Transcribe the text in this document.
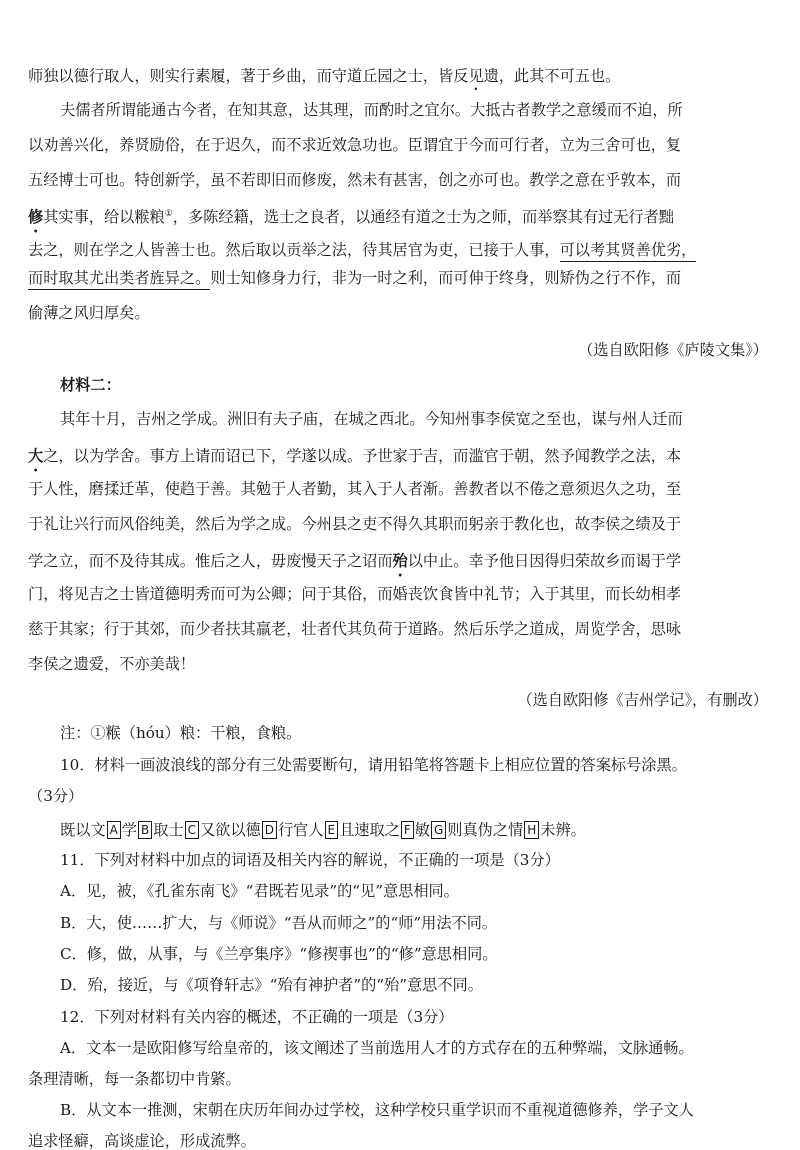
师独以德行取人，则实行素履，著于乡曲，而守道丘园之士，皆反见遗，此其不可五也。
夫儒者所谓能通古今者，在知其意，达其理，而酌时之宜尔。大抵古者教学之意缓而不迫，所
以劝善兴化，养贤励俗，在于迟久，而不求近效急功也。臣谓宜于今而可行者，立为三舍可也，复
五经博士可也。特创新学，虽不若即旧而修废，然未有甚害，创之亦可也。教学之意在乎敦本，而
修其实事，给以糇粮①，多陈经籍，选士之良者，以通经有道之士为之师，而举察其有过无行者黜
去之，则在学之人皆善士也。然后取以贡举之法，待其居官为吏，已接于人事，可以考其贤善优劣，
而时取其尤出类者旌异之。则士知修身力行，非为一时之利，而可伸于终身，则矫伪之行不作，而
偷薄之风归厚矣。
（选自欧阳修《庐陵文集》）
材料二：
其年十月，吉州之学成。洲旧有夫子庙，在城之西北。今知州事李侯宽之至也，谋与州人迁而
大之，以为学舍。事方上请而诏已下，学遂以成。予世家于吉，而滥官于朝，然予闻教学之法，本
于人性，磨揉迁革，使趋于善。其勉于人者勤，其入于人者渐。善教者以不倦之意须迟久之功，至
于礼让兴行而风俗纯美，然后为学之成。今州县之吏不得久其职而躬亲于教化也，故李侯之绩及于
学之立，而不及待其成。惟后之人，毋废慢天子之诏而殆以中止。幸予他日因得归荣故乡而谒于学
门，将见吉之士皆道德明秀而可为公卿；问于其俗，而婚丧饮食皆中礼节；入于其里，而长幼相孝
慈于其家；行于其郊，而少者扶其羸老，壮者代其负荷于道路。然后乐学之道成，周览学舍，思咏
李侯之遗爱，不亦美哉！
（选自欧阳修《吉州学记》，有删改）
注：①糇（hóu）粮：干粮，食粮。
10．材料一画波浪线的部分有三处需要断句，请用铅笔将答题卡上相应位置的答案标号涂黑。
（3分）
既以文 A 学 B 取士 C 又欲以德 D 行官人 E 且速取之 F 敏 G 则真伪之情 H 未辨。
11．下列对材料中加点的词语及相关内容的解说，不正确的一项是（3分）
A．见，被，《孔雀东南飞》“君既若见录”的“见”意思相同。
B．大，使……扩大，与《师说》“吾从而师之”的“师”用法不同。
C．修，做，从事，与《兰亭集序》“修禊事也”的“修”意思相同。
D．殆，接近，与《项脊轩志》“殆有神护者”的“殆”意思不同。
12．下列对材料有关内容的概述，不正确的一项是（3分）
A．文本一是欧阳修写给皇帝的，该文阐述了当前选用人才的方式存在的五种弊端，文脉通畅。
条理清晰，每一条都切中肯綮。
B．从文本一推测，宋朝在庆历年间办过学校，这种学校只重学识而不重视道德修养，学子文人
追求怪癖，高谈虚论，形成流弊。
